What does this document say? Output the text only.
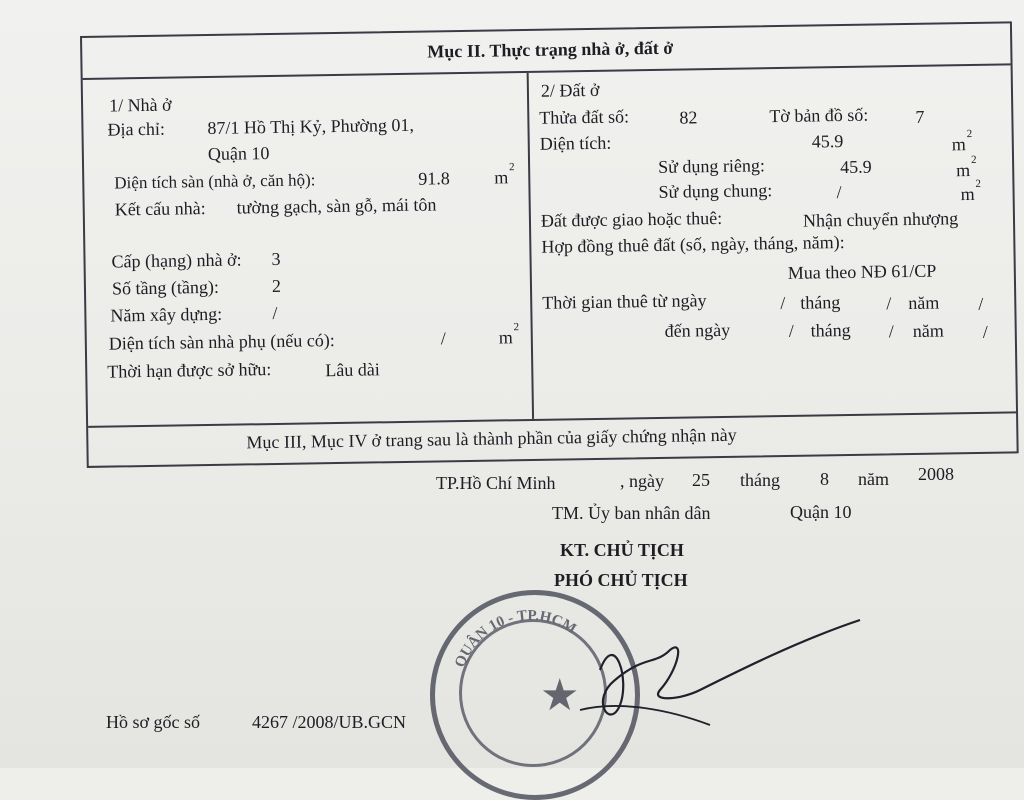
Mục II. Thực trạng nhà ở, đất ở
1/ Nhà ở
Địa chỉ: 87/1 Hồ Thị Kỷ, Phường 01,
Quận 10
Diện tích sàn (nhà ở, căn hộ):	91.8 m
2
Kết cấu nhà: tường gạch, sàn gỗ, mái tôn
Cấp (hạng) nhà ở: 3
Số tầng (tầng):	2
Năm xây dựng:	/
Diện tích sàn nhà phụ (nếu có):	/	m
2
Thời hạn được sở hữu:	Lâu dài
2/ Đất ở
Thửa đất số:	82	Tờ bản đồ số:	7
Diện tích:	45.9	m
2
Sử dụng riêng:	45.9	m
2
Sử dụng chung:	/	m
2
Đất được giao hoặc thuê:	Nhận chuyển nhượng
Hợp đồng thuê đất (số, ngày, tháng, năm):
Mua theo NĐ 61/CP
Thời gian thuê từ ngày	/ tháng	/ năm /
đến ngày	/ tháng / năm /
Mục III, Mục IV ở trang sau là thành phần của giấy chứng nhận này
TP.Hồ Chí Minh	, ngày 25 tháng 8 năm 2008
TM. Ủy ban nhân dân	Quận 10
KT. CHỦ TỊCH
PHÓ CHỦ TỊCH
★
QUẬN 10 - TP.HCM
Hồ sơ gốc số	4267 /2008/UB.GCN
